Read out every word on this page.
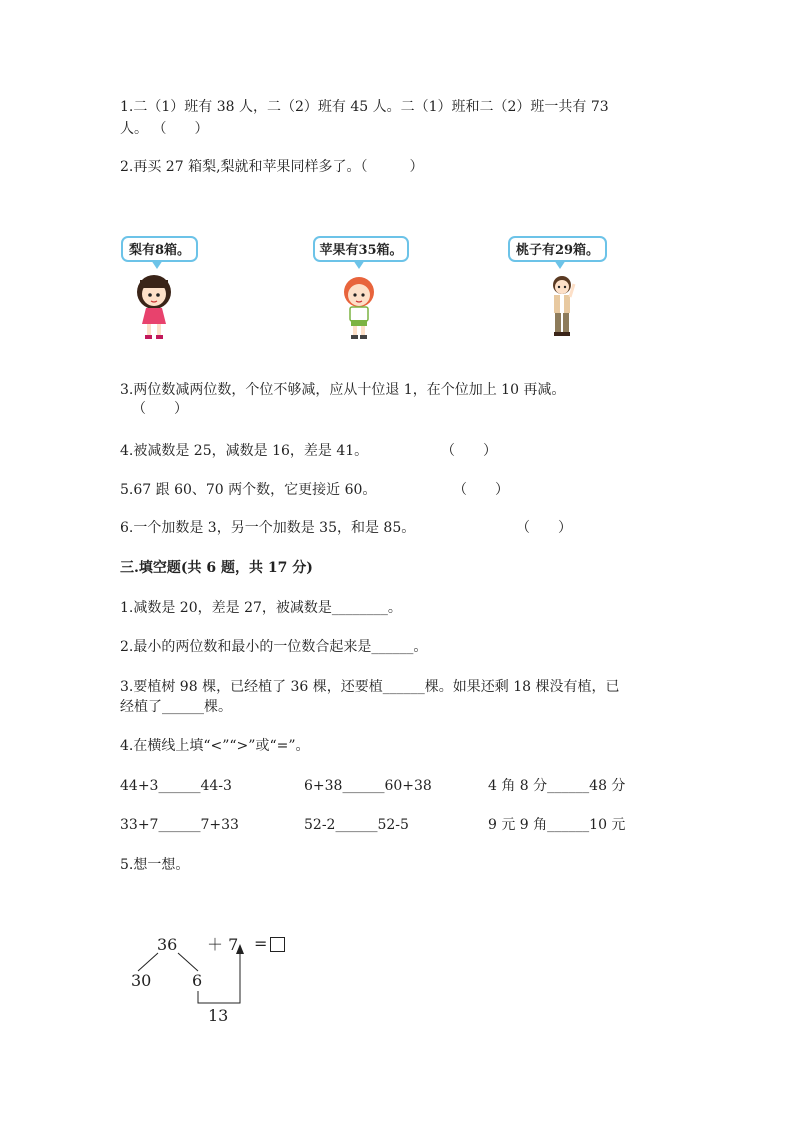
1.二（1）班有 38 人，二（2）班有 45 人。二（1）班和二（2）班一共有 73
人。 （　　）
2.再买 27 箱梨,梨就和苹果同样多了。（　　　）
梨有8箱。	苹果有35箱。	桃子有29箱。
3.两位数减两位数，个位不够减，应从十位退 1，在个位加上 10 再减。
（　　）
4.被减数是 25，减数是 16，差是 41。	（　　）
5.67 跟 60、70 两个数，它更接近 60。	（　　）
6.一个加数是 3，另一个加数是 35，和是 85。	（　　）
三.填空题(共 6 题，共 17 分)
1.减数是 20，差是 27，被减数是________。
2.最小的两位数和最小的一位数合起来是______。
3.要植树 98 棵，已经植了 36 棵，还要植______棵。如果还剩 18 棵没有植，已
经植了______棵。
4.在横线上填“<”“>”或“=”。
44+3______44-3	6+38______60+38	4 角 8 分______48 分
33+7______7+33	52-2______52-5	9 元 9 角______10 元
5.想一想。
36 ＋ 7 =
30	6
13
